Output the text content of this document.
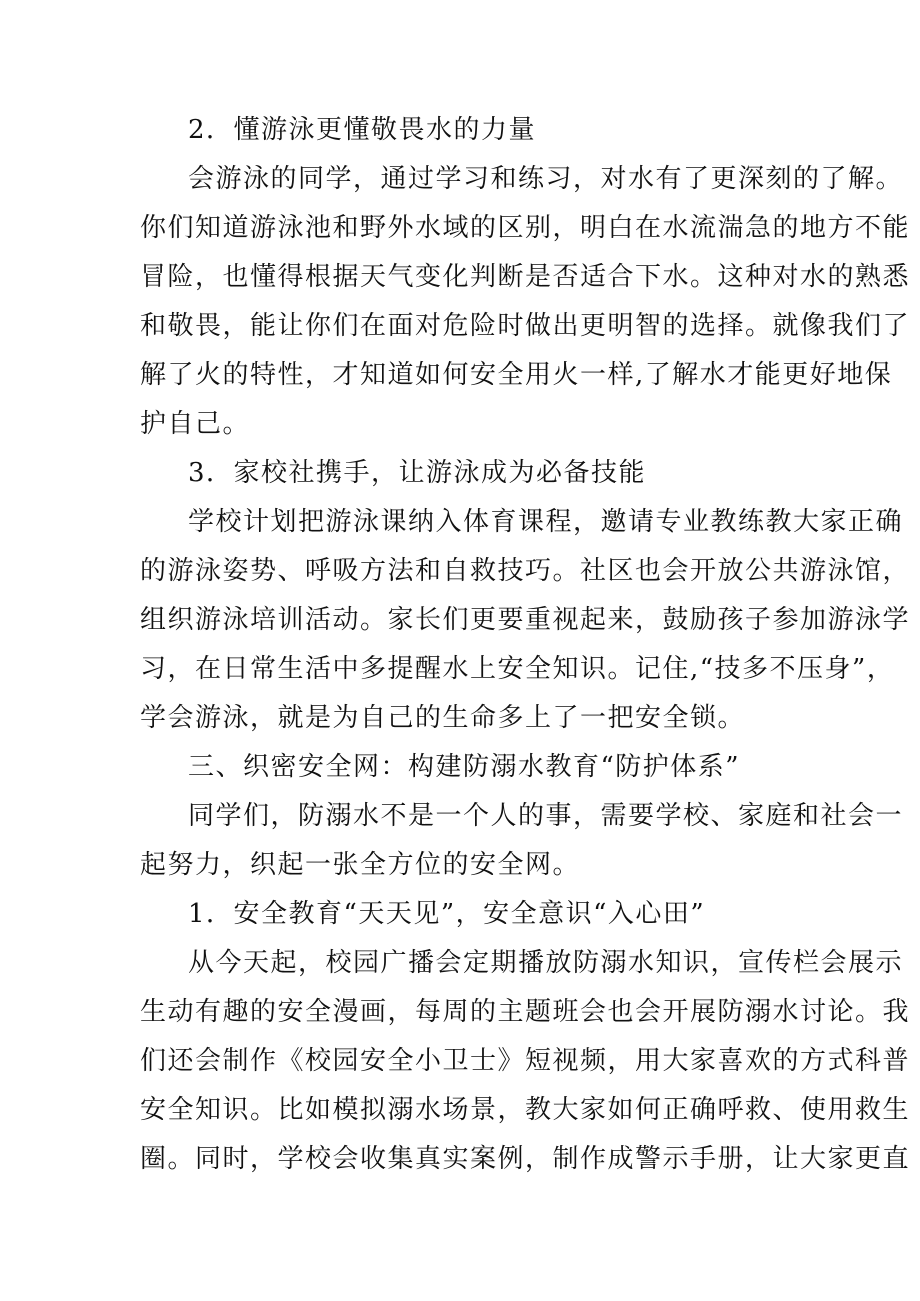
2．懂游泳更懂敬畏水的力量
会游泳的同学，通过学习和练习，对水有了更深刻的了解。
你们知道游泳池和野外水域的区别，明白在水流湍急的地方不能
冒险，也懂得根据天气变化判断是否适合下水。这种对水的熟悉
和敬畏，能让你们在面对危险时做出更明智的选择。就像我们了
解了火的特性，才知道如何安全用火一样,了解水才能更好地保
护自己。
3．家校社携手，让游泳成为必备技能
学校计划把游泳课纳入体育课程，邀请专业教练教大家正确
的游泳姿势、呼吸方法和自救技巧。社区也会开放公共游泳馆，
组织游泳培训活动。家长们更要重视起来，鼓励孩子参加游泳学
习，在日常生活中多提醒水上安全知识。记住,“技多不压身”，
学会游泳，就是为自己的生命多上了一把安全锁。
三、织密安全网：构建防溺水教育“防护体系”
同学们，防溺水不是一个人的事，需要学校、家庭和社会一
起努力，织起一张全方位的安全网。
1．安全教育“天天见”，安全意识“入心田”
从今天起，校园广播会定期播放防溺水知识，宣传栏会展示
生动有趣的安全漫画，每周的主题班会也会开展防溺水讨论。我
们还会制作《校园安全小卫士》短视频，用大家喜欢的方式科普
安全知识。比如模拟溺水场景，教大家如何正确呼救、使用救生
圈。同时，学校会收集真实案例，制作成警示手册，让大家更直
